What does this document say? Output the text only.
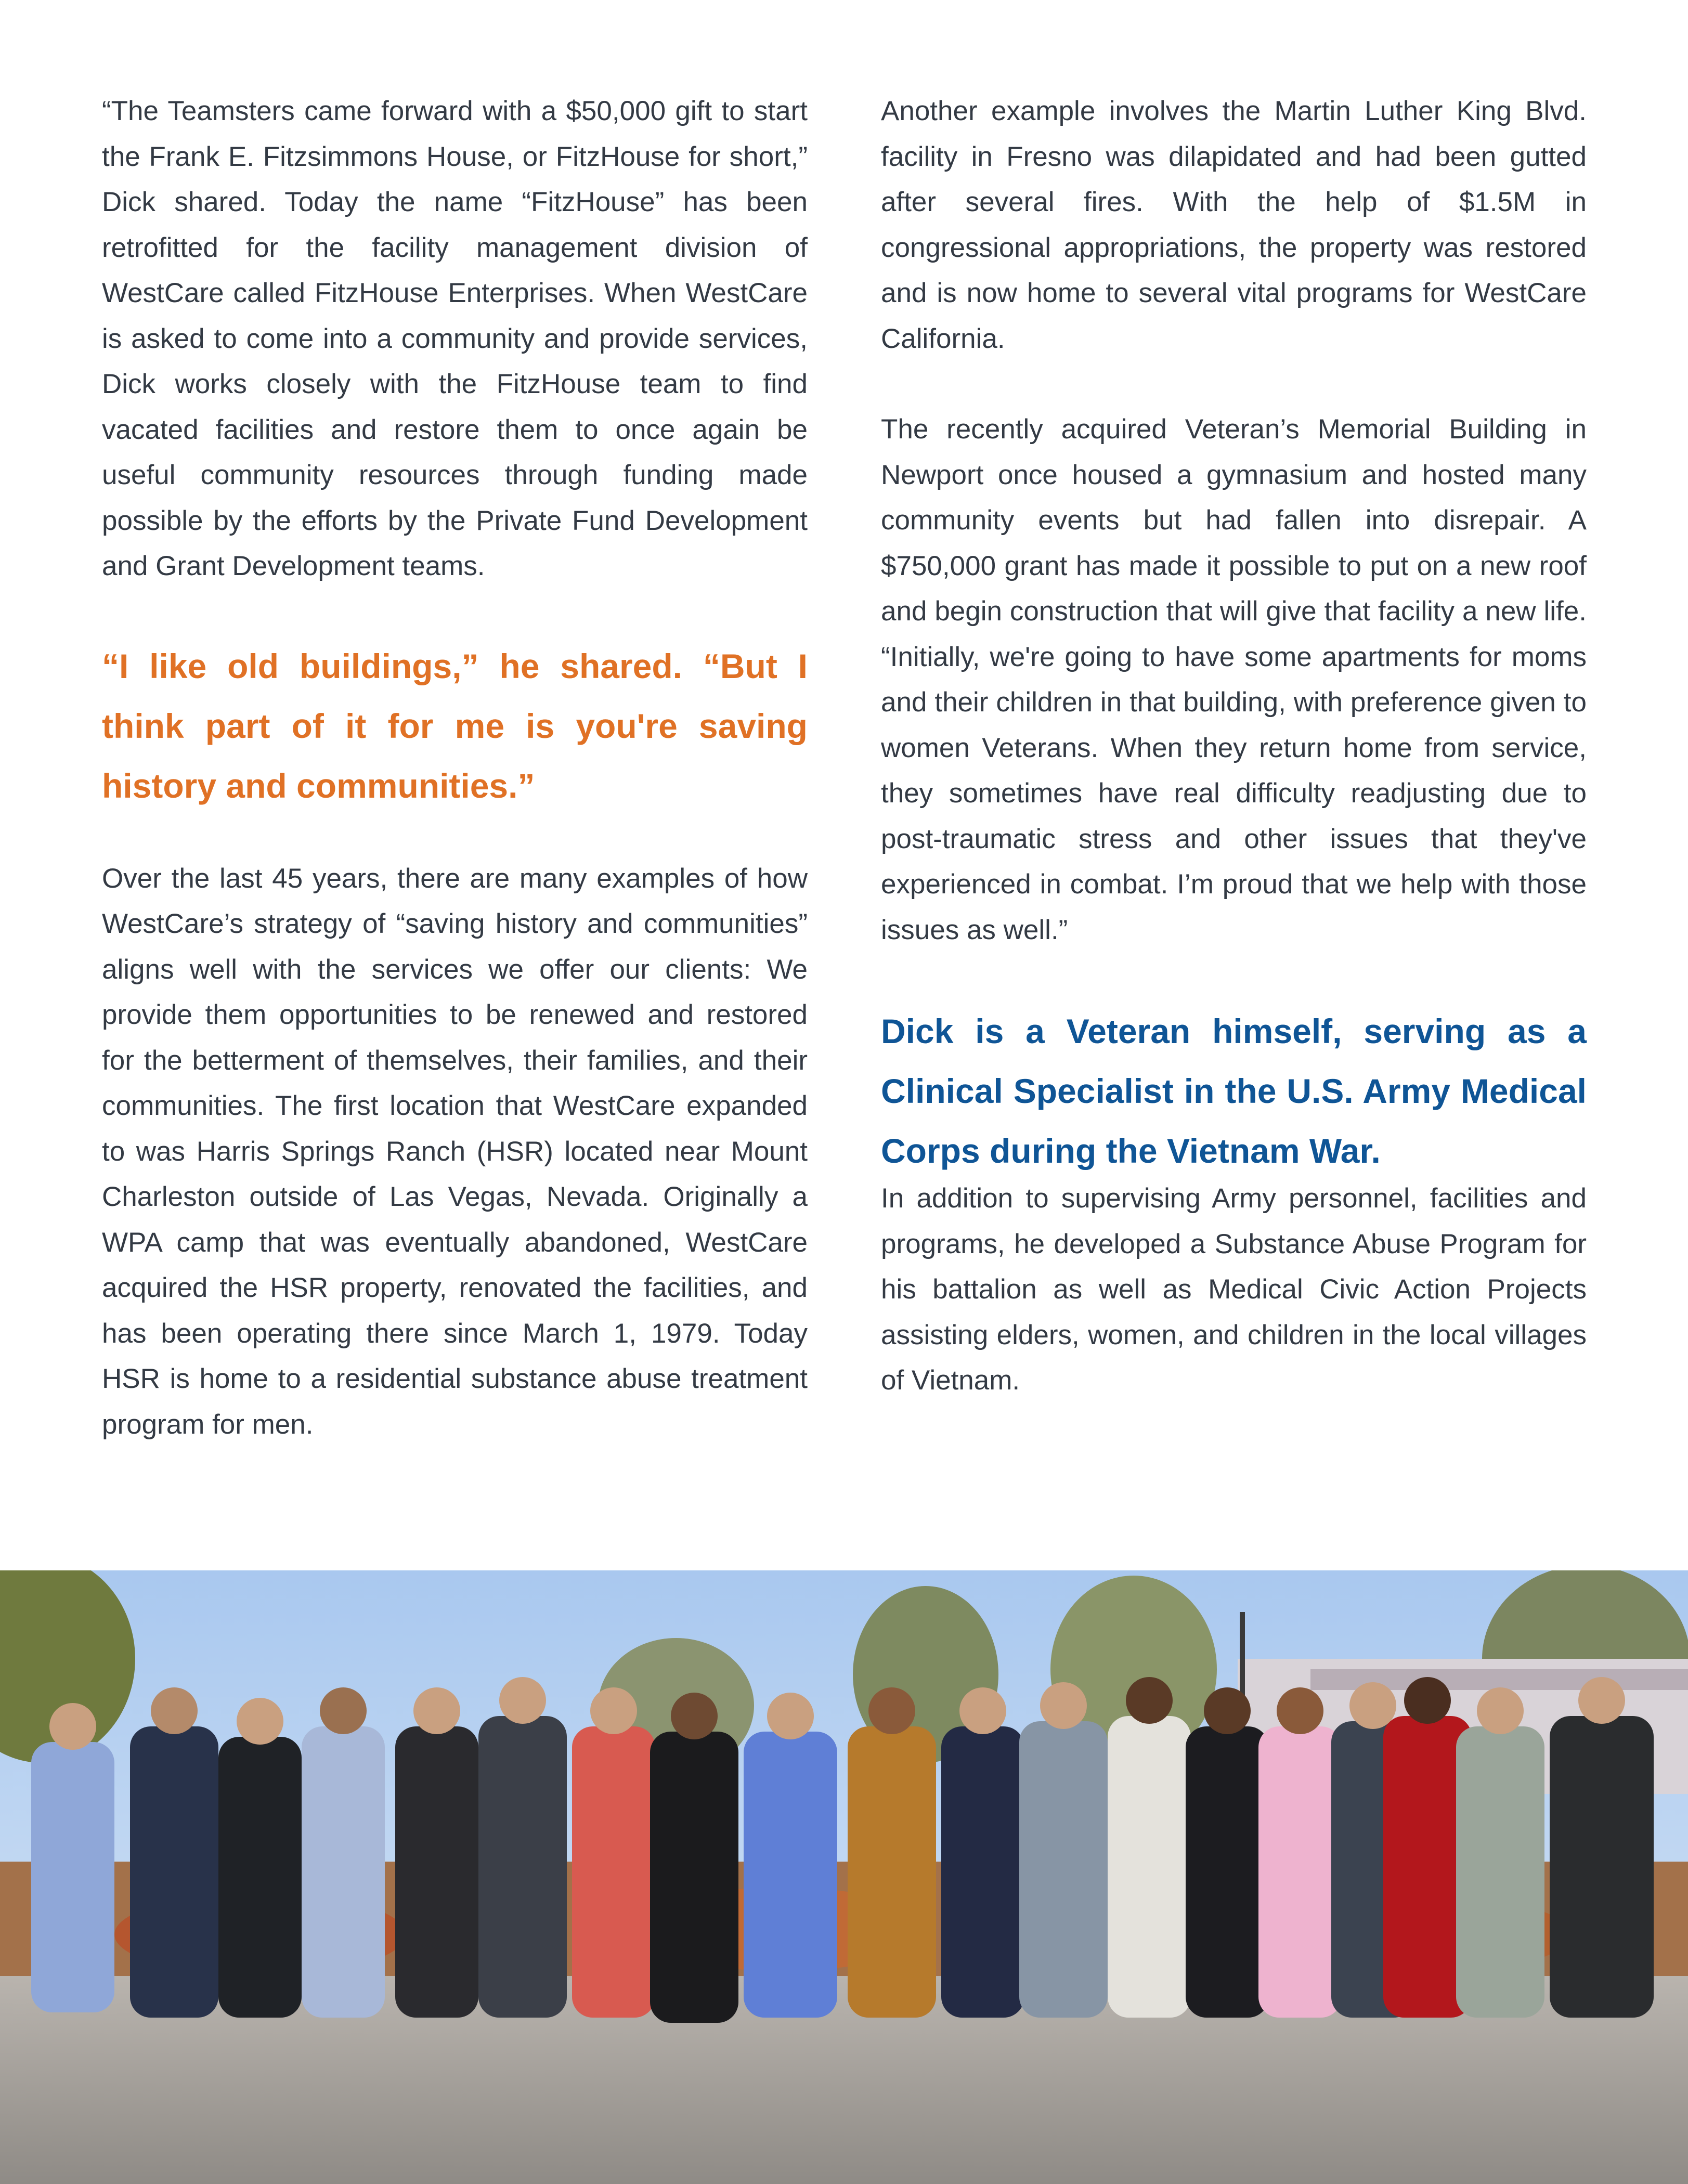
“The Teamsters came forward with a $50,000 gift to start the Frank E. Fitzsimmons House, or FitzHouse for short,” Dick shared. Today the name “FitzHouse” has been retrofitted for the facility management division of WestCare called FitzHouse Enterprises. When WestCare is asked to come into a community and provide services, Dick works closely with the FitzHouse team to find vacated facilities and restore them to once again be useful community resources through funding made possible by the efforts by the Private Fund Development and Grant Development teams.

“I like old buildings,” he shared. “But I think part of it for me is you're saving history and communities.”

Over the last 45 years, there are many examples of how WestCare’s strategy of “saving history and communities” aligns well with the services we offer our clients: We provide them opportunities to be renewed and restored for the betterment of themselves, their families, and their communities. The first location that WestCare expanded to was Harris Springs Ranch (HSR) located near Mount Charleston outside of Las Vegas, Nevada. Originally a WPA camp that was eventually abandoned, WestCare acquired the HSR property, renovated the facilities, and has been operating there since March 1, 1979. Today HSR is home to a residential substance abuse treatment program for men.

Another example involves the Martin Luther King Blvd. facility in Fresno was dilapidated and had been gutted after several fires. With the help of $1.5M in congressional appropriations, the property was restored and is now home to several vital programs for WestCare California.

The recently acquired Veteran’s Memorial Building in Newport once housed a gymnasium and hosted many community events but had fallen into disrepair. A $750,000 grant has made it possible to put on a new roof and begin construction that will give that facility a new life. “Initially, we're going to have some apartments for moms and their children in that building, with preference given to women Veterans. When they return home from service, they sometimes have real difficulty readjusting due to post-traumatic stress and other issues that they've experienced in combat. I’m proud that we help with those issues as well.”

Dick is a Veteran himself, serving as a Clinical Specialist in the U.S. Army Medical Corps during the Vietnam War.

In addition to supervising Army personnel, facilities and programs, he developed a Substance Abuse Program for his battalion as well as Medical Civic Action Projects assisting elders, women, and children in the local villages of Vietnam.
